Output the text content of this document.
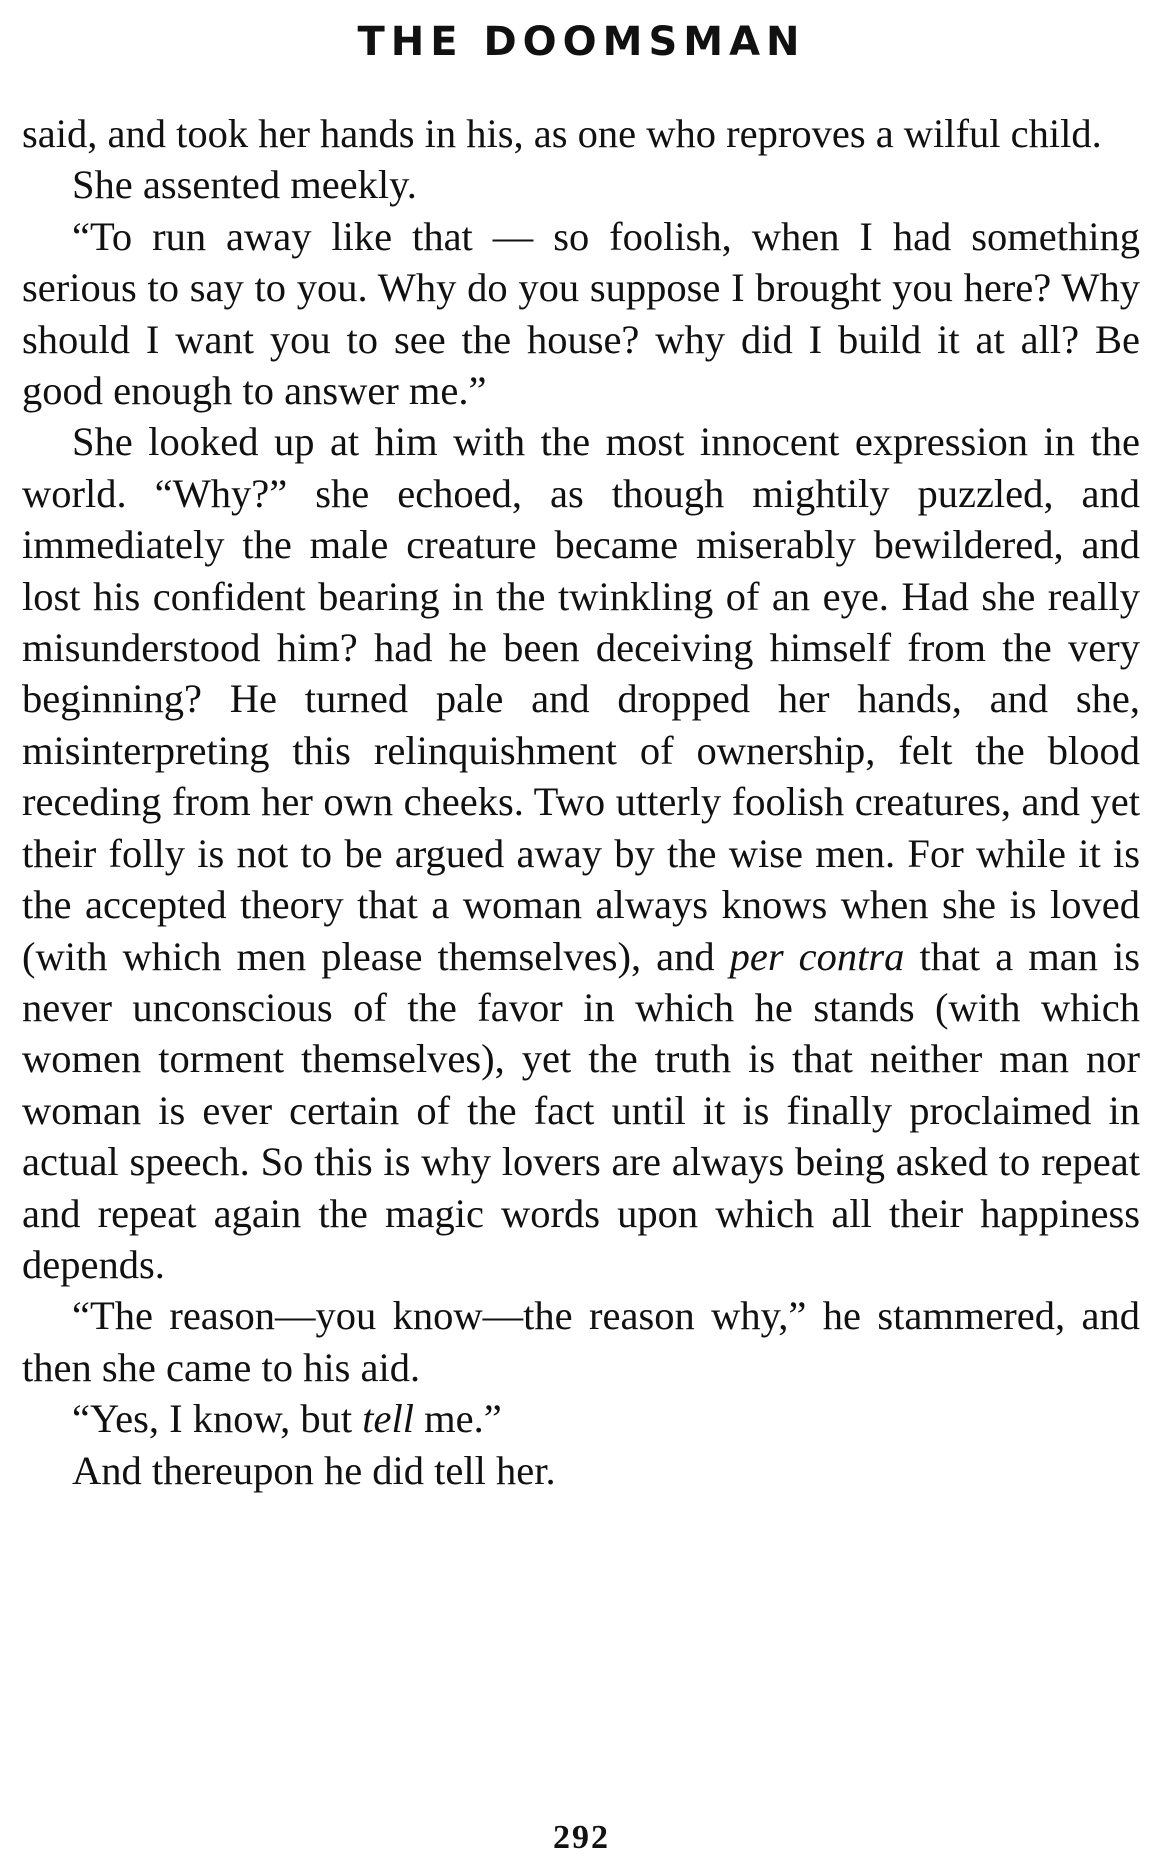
THE DOOMSMAN

said, and took her hands in his, as one who reproves a wilful child.

She assented meekly.

“To run away like that — so foolish, when I had something serious to say to you. Why do you suppose I brought you here? Why should I want you to see the house? why did I build it at all? Be good enough to answer me.”

She looked up at him with the most innocent expression in the world. “Why?” she echoed, as though mightily puzzled, and immediately the male creature became miserably bewildered, and lost his confident bearing in the twinkling of an eye. Had she really misunderstood him? had he been deceiving himself from the very beginning? He turned pale and dropped her hands, and she, misinterpreting this relinquishment of ownership, felt the blood receding from her own cheeks. Two utterly foolish creatures, and yet their folly is not to be argued away by the wise men. For while it is the accepted theory that a woman always knows when she is loved (with which men please themselves), and per contra that a man is never unconscious of the favor in which he stands (with which women torment themselves), yet the truth is that neither man nor woman is ever certain of the fact until it is finally proclaimed in actual speech. So this is why lovers are always being asked to repeat and repeat again the magic words upon which all their happiness depends.

“The reason—you know—the reason why,” he stammered, and then she came to his aid.

“Yes, I know, but tell me.”

And thereupon he did tell her.

292
